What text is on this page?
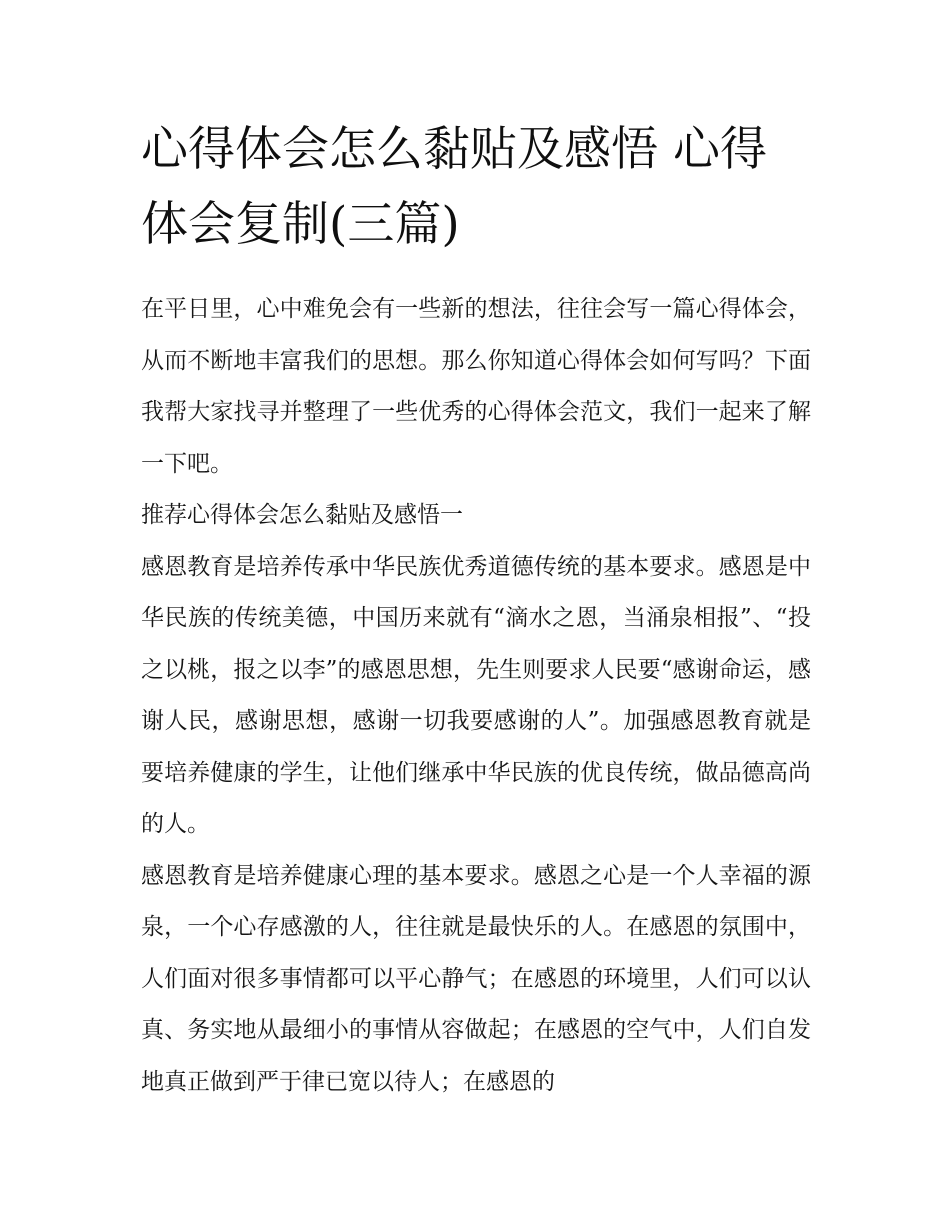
心得体会怎么黏贴及感悟 心得体会复制(三篇)

在平日里，心中难免会有一些新的想法，往往会写一篇心得体会，从而不断地丰富我们的思想。那么你知道心得体会如何写吗？下面我帮大家找寻并整理了一些优秀的心得体会范文，我们一起来了解一下吧。

推荐心得体会怎么黏贴及感悟一

感恩教育是培养传承中华民族优秀道德传统的基本要求。感恩是中华民族的传统美德，中国历来就有“滴水之恩，当涌泉相报”、“投之以桃，报之以李”的感恩思想，先生则要求人民要“感谢命运，感谢人民，感谢思想，感谢一切我要感谢的人”。加强感恩教育就是要培养健康的学生，让他们继承中华民族的优良传统，做品德高尚的人。

感恩教育是培养健康心理的基本要求。感恩之心是一个人幸福的源泉，一个心存感激的人，往往就是最快乐的人。在感恩的氛围中，人们面对很多事情都可以平心静气；在感恩的环境里，人们可以认真、务实地从最细小的事情从容做起；在感恩的空气中，人们自发地真正做到严于律已宽以待人；在感恩的
